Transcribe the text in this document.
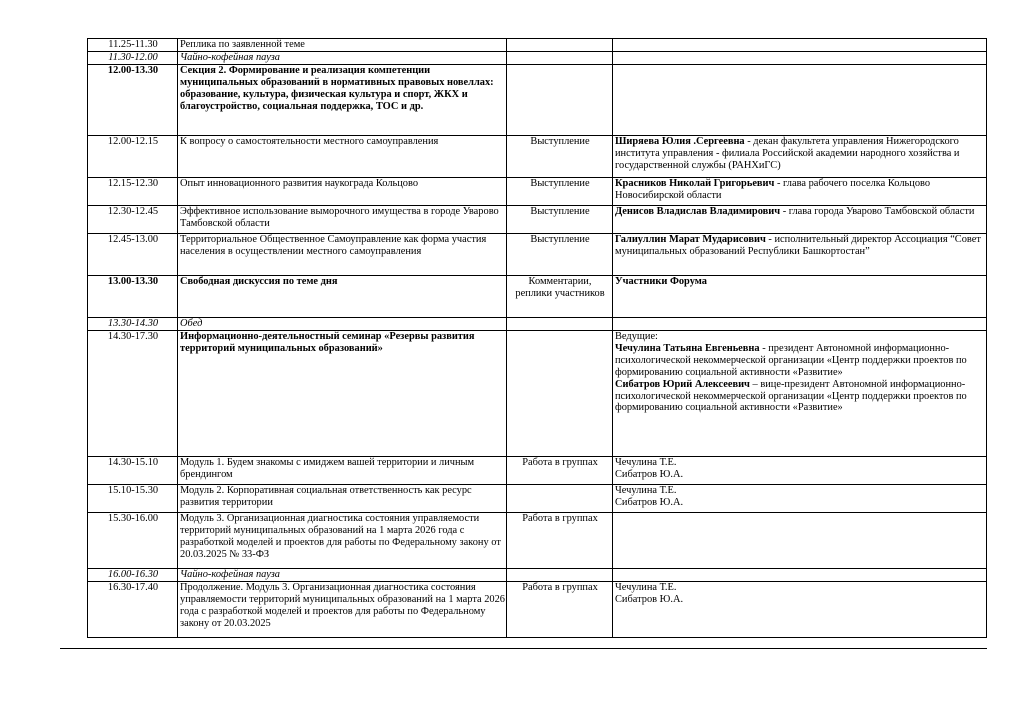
11.25-11.30	Реплика по заявленной теме		
11.30-12.00	Чайно-кофейная пауза		
12.00-13.30	Секция 2. Формирование и реализация компетенции муниципальных образований в нормативных правовых новеллах: образование, культура, физическая культура и спорт, ЖКХ и благоустройство, социальная поддержка, ТОС и др.		
12.00-12.15	К вопросу о самостоятельности местного самоуправления	Выступление	Ширяева Юлия .Сергеевна - декан факультета управления Нижегородского института управления - филиала Российской академии народного хозяйства и государственной службы (РАНХиГС)
12.15-12.30	Опыт инновационного развития наукограда Кольцово	Выступление	Красников Николай Григорьевич - глава рабочего поселка Кольцово Новосибирской области
12.30-12.45	Эффективное использование выморочного имущества в городе Уварово Тамбовской области	Выступление	Денисов Владислав Владимирович - глава города Уварово Тамбовской области
12.45-13.00	Территориальное Общественное Самоуправление как форма участия населения в осуществлении местного самоуправления	Выступление	Галиуллин Марат Мударисович - исполнительный директор Ассоциация “Совет муниципальных образований Республики Башкортостан”
13.00-13.30	Свободная дискуссия по теме дня	Комментарии, реплики участников	Участники Форума
13.30-14.30	Обед		
14.30-17.30	Информационно-деятельностный семинар «Резервы развития территорий муниципальных образований»		Ведущие:
Чечулина Татьяна Евгеньевна - президент Автономной информационно-психологической некоммерческой организации «Центр поддержки проектов по формированию социальной активности «Развитие»
Сибатров Юрий Алексеевич – вице-президент Автономной информационно-психологической некоммерческой организации «Центр поддержки проектов по формированию социальной активности «Развитие»
14.30-15.10	Модуль 1. Будем знакомы с имиджем вашей территории и личным брендингом	Работа в группах	Чечулина Т.Е.
Сибатров Ю.А.

15.10-15.30	Модуль 2. Корпоративная социальная ответственность как ресурс развития территории		Чечулина Т.Е.
Сибатров Ю.А.

15.30-16.00	Модуль 3. Организационная диагностика состояния управляемости территорий муниципальных образований на 1 марта 2026 года с разработкой моделей и проектов для работы по Федеральному закону от 20.03.2025 № 33-ФЗ	Работа в группах	
16.00-16.30	Чайно-кофейная пауза		
16.30-17.40	Продолжение. Модуль 3. Организационная диагностика состояния управляемости территорий муниципальных образований на 1 марта 2026 года с разработкой моделей и проектов для работы по Федеральному закону от 20.03.2025	Работа в группах	Чечулина Т.Е.
Сибатров Ю.А.
